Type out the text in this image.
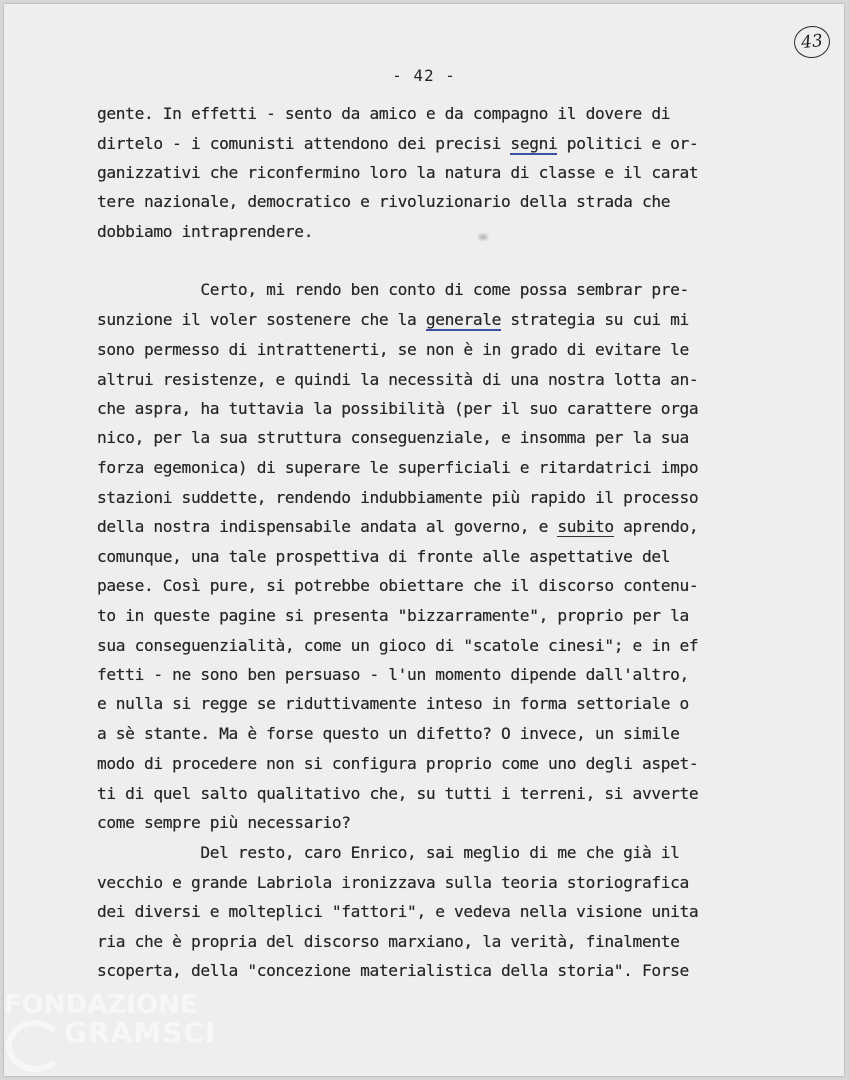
43
- 42 -
gente. In effetti - sento da amico e da compagno il dovere di
dirtelo - i comunisti attendono dei precisi segni politici e or-
ganizzativi che riconfermino loro la natura di classe e il carat
tere nazionale, democratico e rivoluzionario della strada che
dobbiamo intraprendere.
Certo, mi rendo ben conto di come possa sembrar pre-
sunzione il voler sostenere che la generale strategia su cui mi
sono permesso di intrattenerti, se non è in grado di evitare le
altrui resistenze, e quindi la necessità di una nostra lotta an-
che aspra, ha tuttavia la possibilità (per il suo carattere orga
nico, per la sua struttura conseguenziale, e insomma per la sua
forza egemonica) di superare le superficiali e ritardatrici impo
stazioni suddette, rendendo indubbiamente più rapido il processo
della nostra indispensabile andata al governo, e subito aprendo,
comunque, una tale prospettiva di fronte alle aspettative del
paese. Così pure, si potrebbe obiettare che il discorso contenu-
to in queste pagine si presenta "bizzarramente", proprio per la
sua conseguenzialità, come un gioco di "scatole cinesi"; e in ef
fetti - ne sono ben persuaso - l'un momento dipende dall'altro,
e nulla si regge se riduttivamente inteso in forma settoriale o
a sè stante. Ma è forse questo un difetto? O invece, un simile
modo di procedere non si configura proprio come uno degli aspet-
ti di quel salto qualitativo che, su tutti i terreni, si avverte
come sempre più necessario?
Del resto, caro Enrico, sai meglio di me che già il
vecchio e grande Labriola ironizzava sulla teoria storiografica
dei diversi e molteplici "fattori", e vedeva nella visione unita
ria che è propria del discorso marxiano, la verità, finalmente
scoperta, della "concezione materialistica della storia". Forse
FONDAZIONE
GRAMSCI
